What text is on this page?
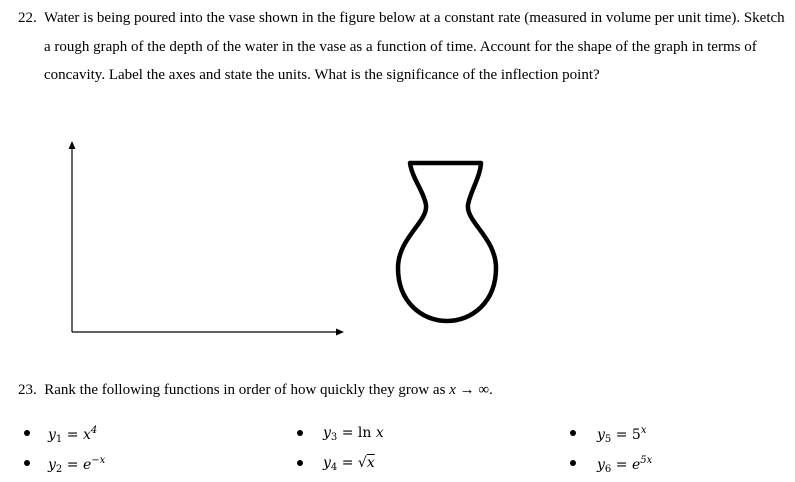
22. Water is being poured into the vase shown in the figure below at a constant rate (measured in volume per unit time). Sketch a rough graph of the depth of the water in the vase as a function of time. Account for the shape of the graph in terms of concavity. Label the axes and state the units. What is the significance of the inflection point?

23. Rank the following functions in order of how quickly they grow as x → ∞.
$y_1 = x^4$
$y_2 = e^{-x}$
$y_3 = \ln x$
$y_4 = √x$
$y_5 = 5^x$
$y_6 = e^{5x}$
